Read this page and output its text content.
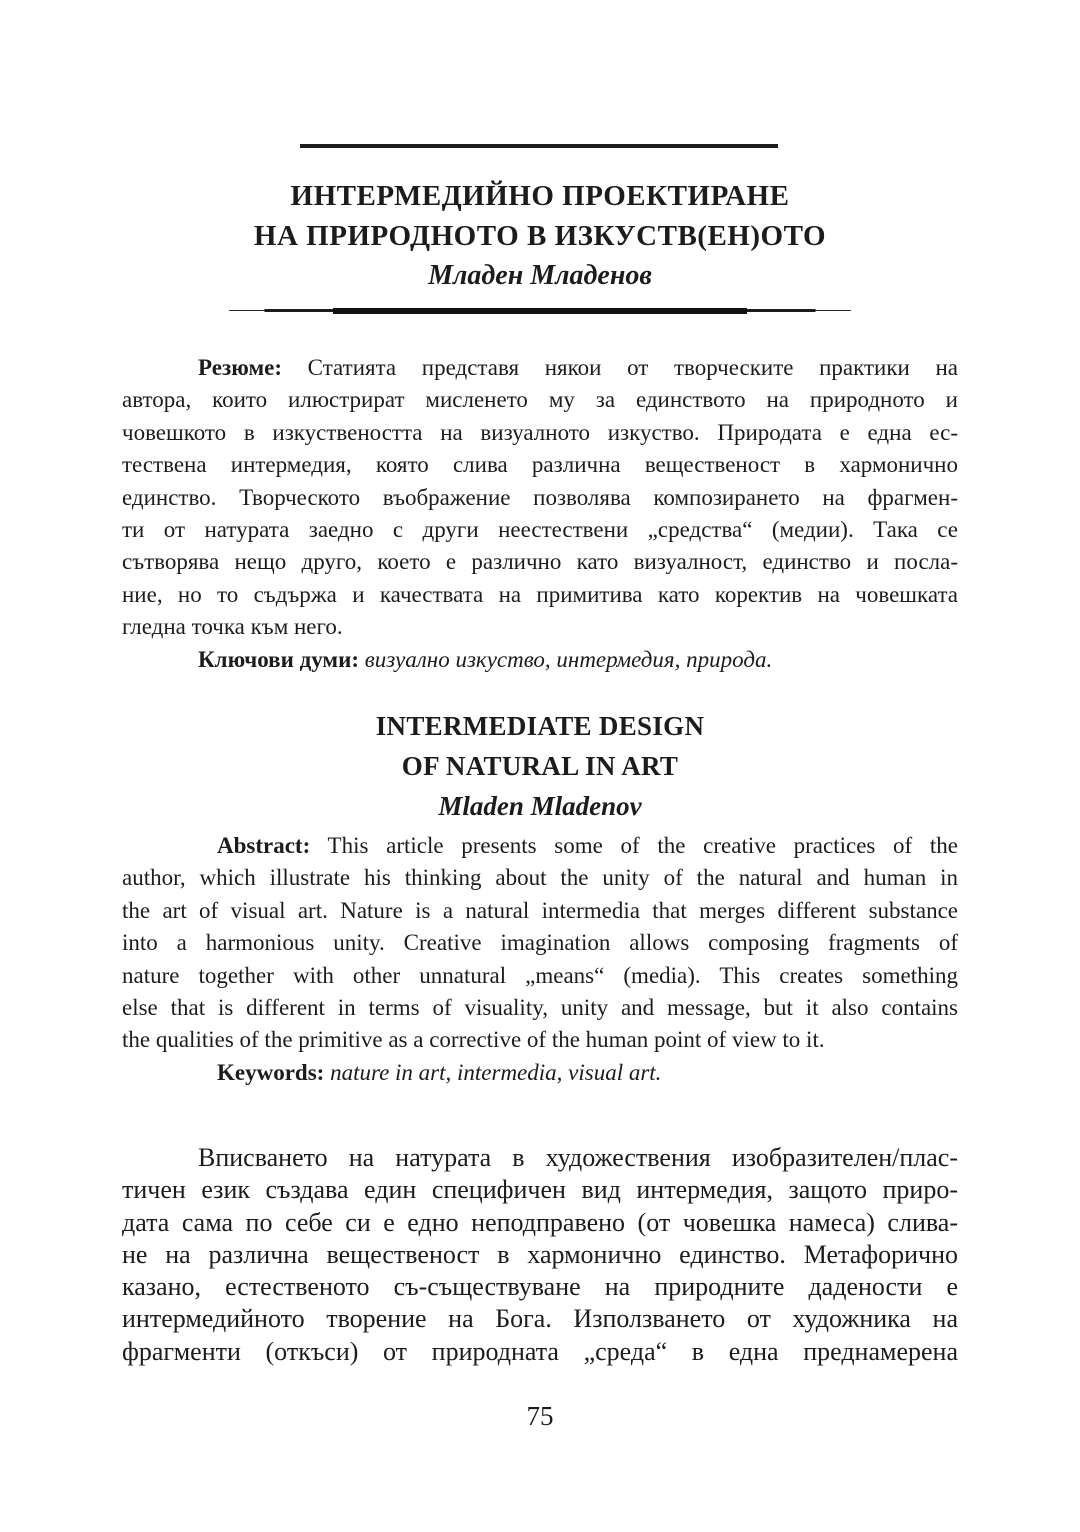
ИНТЕРМЕДИЙНО ПРОЕКТИРАНЕ
НА ПРИРОДНОТО В ИЗКУСТВ(ЕН)ОТО
Младен Младенов
Резюме: Статията представя някои от творческите практики на
автора, които илюстрират мисленето му за единството на природното и
човешкото в изкуствеността на визуалното изкуство. Природата е една ес-
тествена интермедия, която слива различна вещественост в хармонично
единство. Творческото въображение позволява композирането на фрагмен-
ти от натурата заедно с други неестествени „средства“ (медии). Така се
сътворява нещо друго, което е различно като визуалност, единство и посла-
ние, но то съдържа и качествата на примитива като коректив на човешката
гледна точка към него.
Ключови думи: визуално изкуство, интермедия, природа.
INTERMEDIATE DESIGN
OF NATURAL IN ART
Mladen Mladenov
Abstract: This article presents some of the creative practices of the
author, which illustrate his thinking about the unity of the natural and human in
the art of visual art. Nature is a natural intermedia that merges different substance
into a harmonious unity. Creative imagination allows composing fragments of
nature together with other unnatural „means“ (media). This creates something
else that is different in terms of visuality, unity and message, but it also contains
the qualities of the primitive as a corrective of the human point of view to it.
Keywords: nature in art, intermedia, visual art.
Вписването на натурата в художествения изобразителен/плас-
тичен език създава един специфичен вид интермедия, защото приро-
дата сама по себе си е едно неподправено (от човешка намеса) слива-
не на различна вещественост в хармонично единство. Метафорично
казано, естественото съ-съществуване на природните дадености е
интермедийното творение на Бога. Използването от художника на
фрагменти (откъси) от природната „среда“ в една преднамерена
75
